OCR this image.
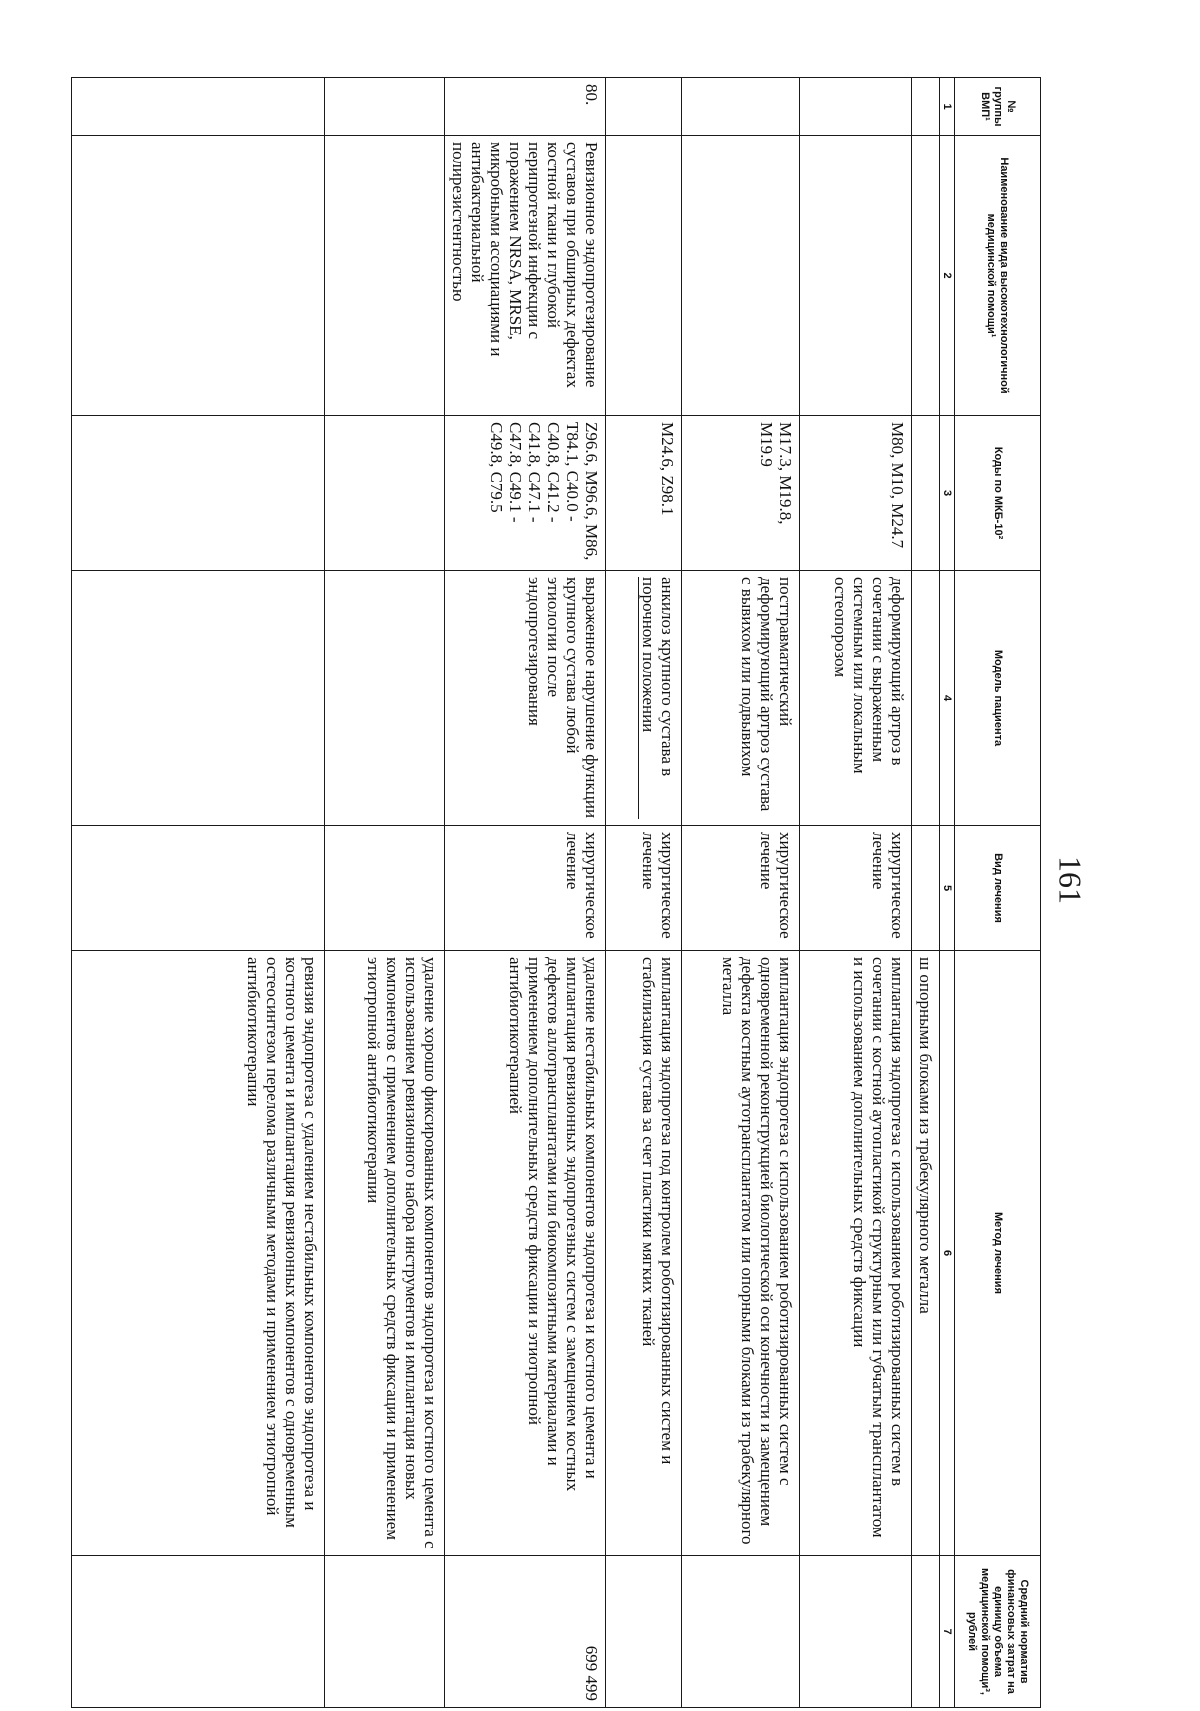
161
№ группы ВМП¹	Наименование вида высокотехнологичной медицинской помощи¹	Коды по МКБ-10²	Модель пациента	Вид лечения	Метод лечения	Средний норматив финансовых затрат на единицу объема медицинской помощи³, рублей
1	2	3	4	5	6	7
					ш опорными блоками из трабекулярного металла	
		M80, M10, M24.7	деформирующий артроз в сочетании с выраженным системным или локальным остеопорозом	хирургическое лечение	имплантация эндопротеза с использованием роботизированных систем в сочетании с костной аутопластикой структурным или губчатым трансплантатом и использованием дополнительных средств фиксации	
		M17.3, M19.8, M19.9	посттравматический деформирующий артроз сустава с вывихом или подвывихом	хирургическое лечение	имплантация эндопротеза с использованием роботизированных систем с одновременной реконструкцией биологической оси конечности и замещением дефекта костным аутотрансплантатом или опорными блоками из трабекулярного металла	
		M24.6, Z98.1	анкилоз крупного сустава в порочном положении	хирургическое лечение	имплантация эндопротеза под контролем роботизированных систем и стабилизация сустава за счет пластики мягких тканей	
80.	Ревизионное эндопротезирование суставов при обширных дефектах костной ткани и глубокой перипротезной инфекции с поражением NRSA, MRSE, микробными ассоциациями и антибактериальной полирезистентностью	Z96.6, M96.6, M86, T84.1, C40.0 - C40.8, C41.2 - C41.8, C47.1 - C47.8, C49.1 - C49.8, C79.5	выраженное нарушение функции крупного сустава любой этиологии после эндопротезирования	хирургическое лечение	удаление нестабильных компонентов эндопротеза и костного цемента и имплантация ревизионных эндопротезных систем с замещением костных дефектов аллотрансплантатами или биокомпозитными материалами и применением дополнительных средств фиксации и этиотропной антибиотикотерапией	699 499
					удаление хорошо фиксированных компонентов эндопротеза и костного цемента с использованием ревизионного набора инструментов и имплантация новых компонентов с применением дополнительных средств фиксации и применением этиотропной антибиотикотерапии	
					ревизия эндопротеза с удалением нестабильных компонентов эндопротеза и костного цемента и имплантация ревизионных компонентов с одновременным остеосинтезом перелома различными методами и применением этиотропной антибиотикотерапии	
